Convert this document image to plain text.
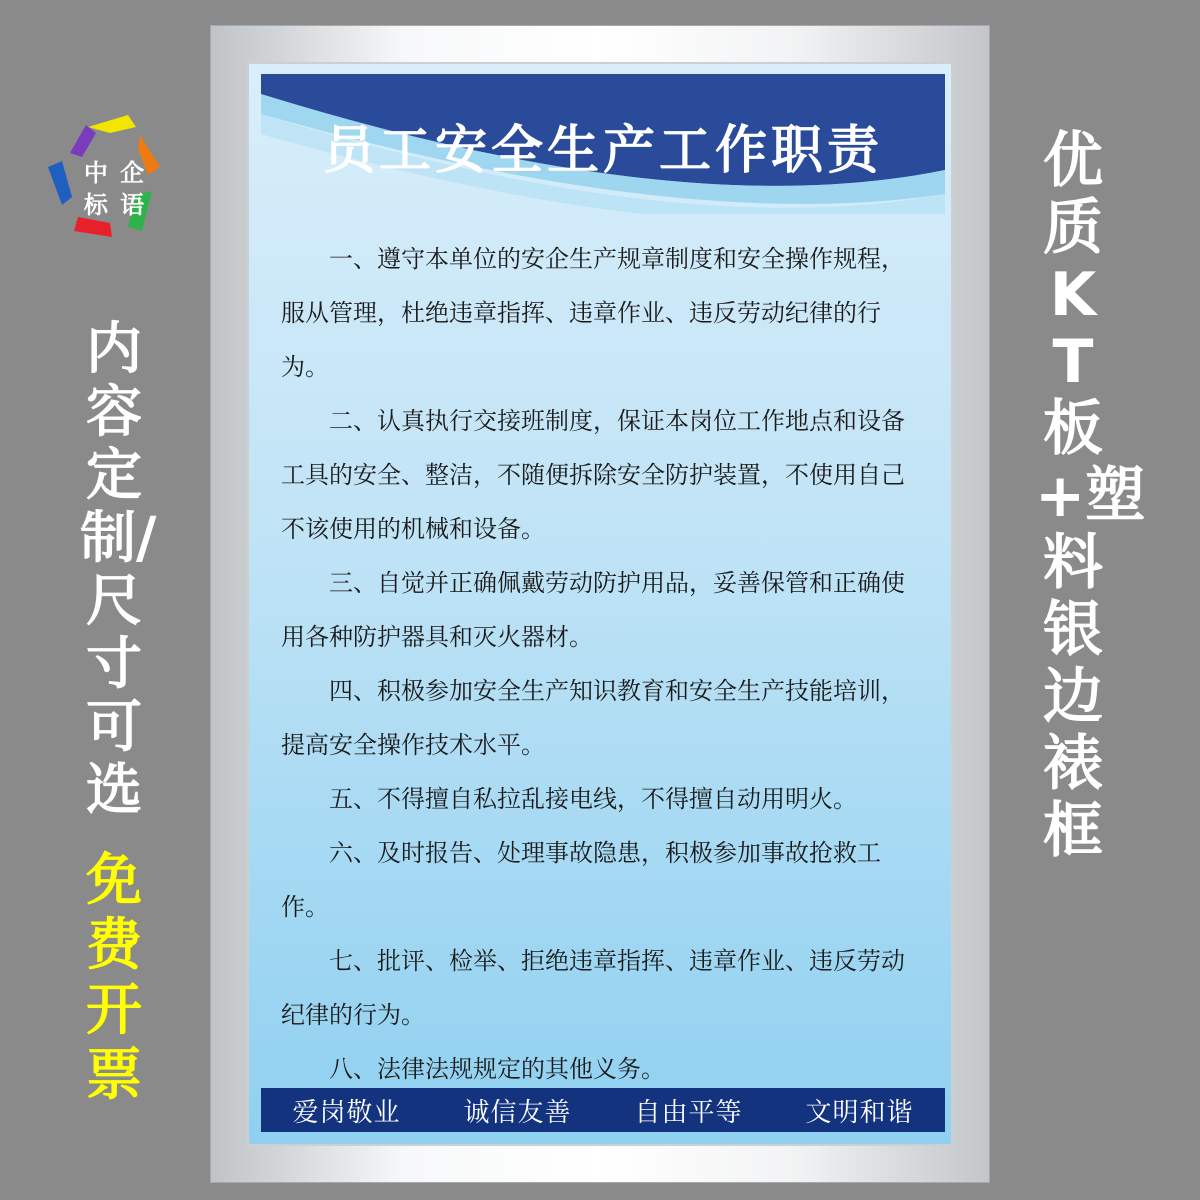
中 企
标 语
内容定制/尺寸可选
免费开票
优质KT板+塑料银边裱框
员工安全生产工作职责

一、遵守本单位的安企生产规章制度和安全操作规程，服从管理，杜绝违章指挥、违章作业、违反劳动纪律的行为。

二、认真执行交接班制度，保证本岗位工作地点和设备工具的安全、整洁，不随便拆除安全防护装置，不使用自己不该使用的机械和设备。

三、自觉并正确佩戴劳动防护用品，妥善保管和正确使用各种防护器具和灭火器材。

四、积极参加安全生产知识教育和安全生产技能培训，提高安全操作技术水平。

五、不得擅自私拉乱接电线，不得擅自动用明火。

六、及时报告、处理事故隐患，积极参加事故抢救工作。

七、批评、检举、拒绝违章指挥、违章作业、违反劳动纪律的行为。

八、法律法规规定的其他义务。

爱岗敬业 诚信友善 自由平等 文明和谐
